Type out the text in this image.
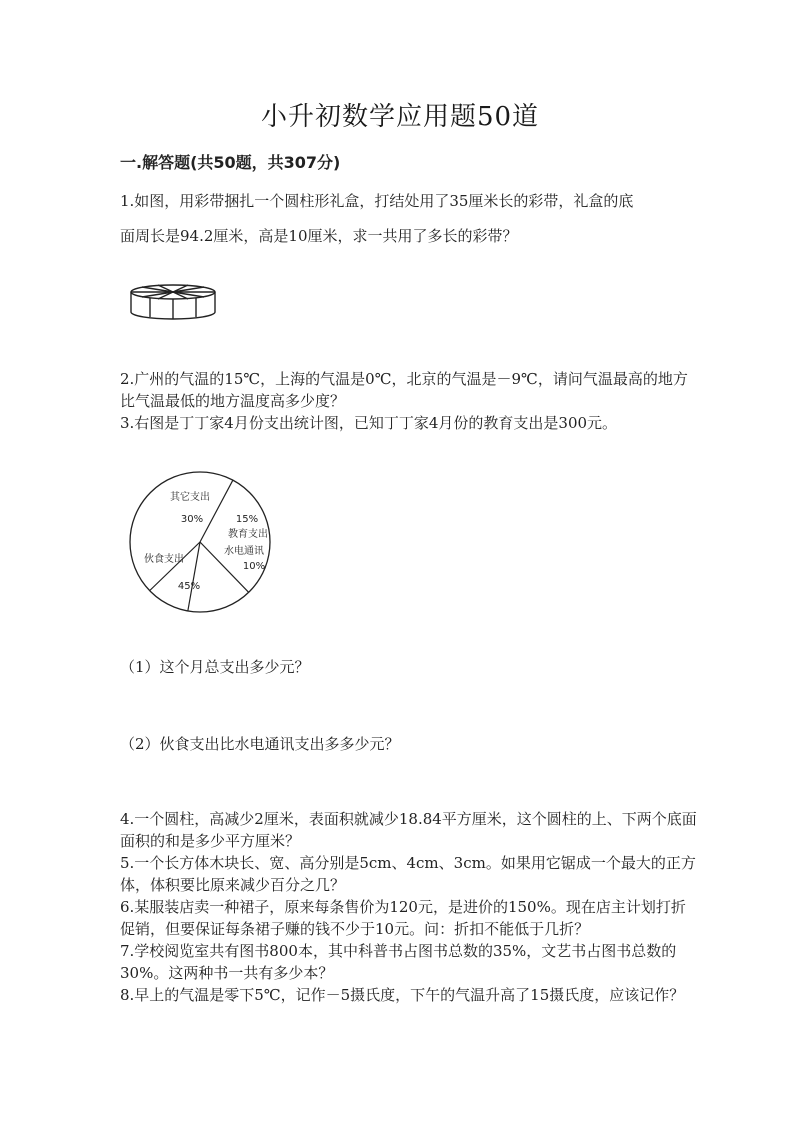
小升初数学应用题50道
一.解答题(共50题，共307分)
1.如图，用彩带捆扎一个圆柱形礼盒，打结处用了35厘米长的彩带，礼盒的底
面周长是94.2厘米，高是10厘米，求一共用了多长的彩带？
2.广州的气温的15℃，上海的气温是0℃，北京的气温是－9℃，请问气温最高的地方比气温最低的地方温度高多少度？
3.右图是丁丁家4月份支出统计图，已知丁丁家4月份的教育支出是300元。
其它支出
30%	15%
教育支出
水电通讯
10%
伙食支出
45%
（1）这个月总支出多少元？
（2）伙食支出比水电通讯支出多多少元？
4.一个圆柱，高减少2厘米，表面积就减少18.84平方厘米，这个圆柱的上、下两个底面面积的和是多少平方厘米？
5.一个长方体木块长、宽、高分别是5cm、4cm、3cm。如果用它锯成一个最大的正方体，体积要比原来减少百分之几？
6.某服装店卖一种裙子，原来每条售价为120元，是进价的150%。现在店主计划打折促销，但要保证每条裙子赚的钱不少于10元。问：折扣不能低于几折？
7.学校阅览室共有图书800本，其中科普书占图书总数的35%，文艺书占图书总数的30%。这两种书一共有多少本？
8.早上的气温是零下5℃，记作－5摄氏度，下午的气温升高了15摄氏度，应该记作？
